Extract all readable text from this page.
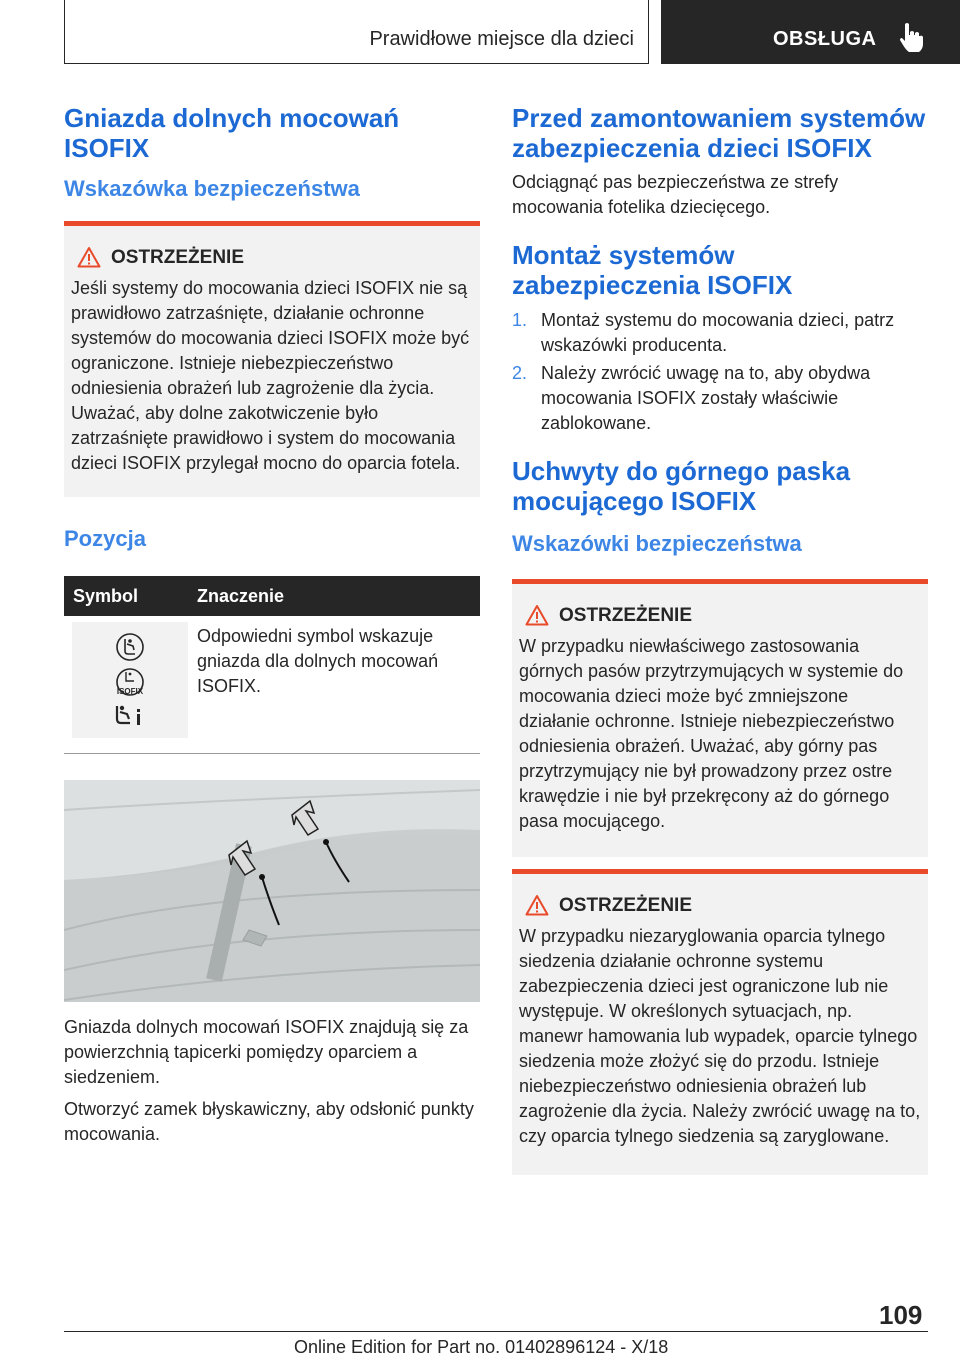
Prawidłowe miejsce dla dzieci	OBSŁUGA
Gniazda dolnych mocowań ISOFIX
Wskazówka bezpieczeństwa
OSTRZEŻENIE
Jeśli systemy do mocowania dzieci ISOFIX nie są prawidłowo zatrzaśnięte, działanie ochronne systemów do mocowania dzieci ISOFIX może być ograniczone. Istnieje niebezpieczeństwo odniesienia obrażeń lub zagrożenie dla życia. Uważać, aby dolne zakotwiczenie było zatrzaśnięte prawidłowo i system do mocowania dzieci ISOFIX przylegał mocno do oparcia fotela.
Pozycja
Symbol	Znaczenie

ISOFIX	Odpowiedni symbol wskazuje gniazda dla dolnych mocowań ISOFIX.
Gniazda dolnych mocowań ISOFIX znajdują się za powierzchnią tapicerki pomiędzy oparciem a siedzeniem.
Otworzyć zamek błyskawiczny, aby odsłonić punkty mocowania.
Przed zamontowaniem systemów zabezpieczenia dzieci ISOFIX
Odciągnąć pas bezpieczeństwa ze strefy mocowania fotelika dziecięcego.
Montaż systemów zabezpieczenia ISOFIX
1. Montaż systemu do mocowania dzieci, patrz wskazówki producenta.
2. Należy zwrócić uwagę na to, aby obydwa mocowania ISOFIX zostały właściwie zablokowane.
Uchwyty do górnego paska mocującego ISOFIX
Wskazówki bezpieczeństwa
OSTRZEŻENIE
W przypadku niewłaściwego zastosowania górnych pasów przytrzymujących w systemie do mocowania dzieci może być zmniejszone działanie ochronne. Istnieje niebezpieczeństwo odniesienia obrażeń. Uważać, aby górny pas przytrzymujący nie był prowadzony przez ostre krawędzie i nie był przekręcony aż do górnego pasa mocującego.
OSTRZEŻENIE
W przypadku niezaryglowania oparcia tylnego siedzenia działanie ochronne systemu zabezpieczenia dzieci jest ograniczone lub nie występuje. W określonych sytuacjach, np. manewr hamowania lub wypadek, oparcie tylnego siedzenia może złożyć się do przodu. Istnieje niebezpieczeństwo odniesienia obrażeń lub zagrożenie dla życia. Należy zwrócić uwagę na to, czy oparcia tylnego siedzenia są zaryglowane.
109
Online Edition for Part no. 01402896124 - X/18
